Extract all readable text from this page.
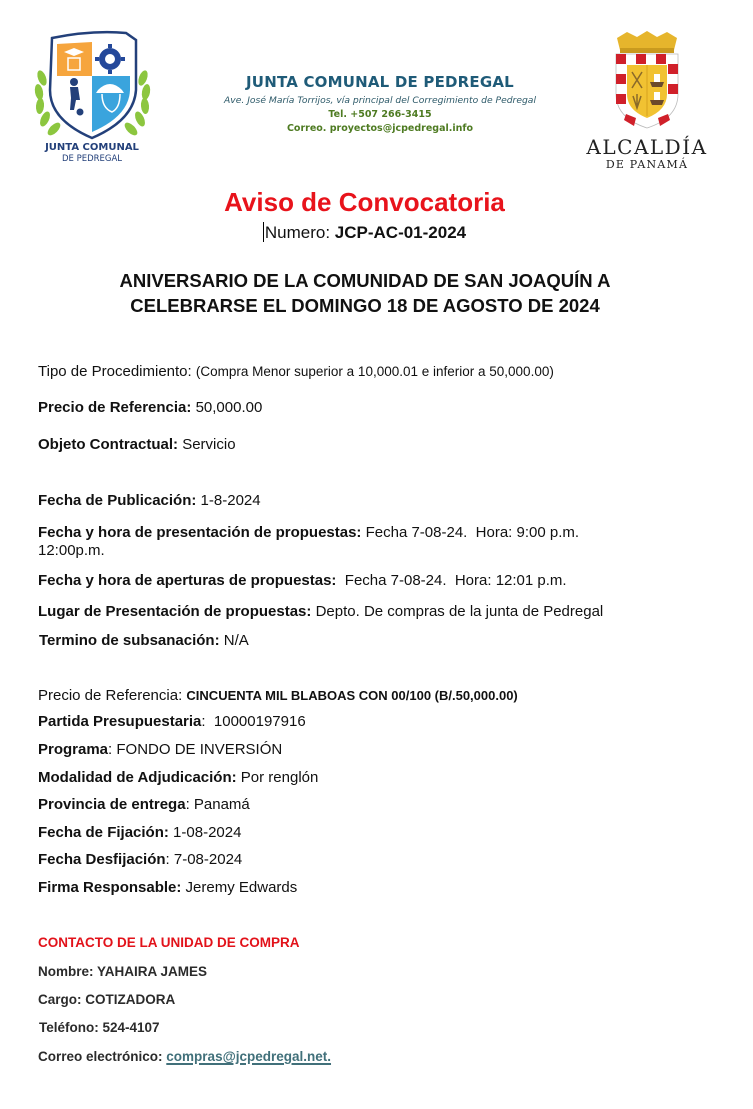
JUNTA COMUNAL
DE PEDREGAL
JUNTA COMUNAL DE PEDREGAL
Ave. José María Torrijos, vía principal del Corregimiento de Pedregal
Tel. +507 266-3415
Correo. proyectos@jcpedregal.info
ALCALDÍA
DE PANAMÁ
Aviso de Convocatoria
Numero: JCP-AC-01-2024
ANIVERSARIO DE LA COMUNIDAD DE SAN JOAQUÍN A
CELEBRARSE EL DOMINGO 18 DE AGOSTO DE 2024
Tipo de Procedimiento: (Compra Menor superior a 10,000.01 e inferior a 50,000.00)
Precio de Referencia: 50,000.00
Objeto Contractual: Servicio
Fecha de Publicación: 1-8-2024
Fecha y hora de presentación de propuestas: Fecha 7-08-24.  Hora: 9:00 p.m.
12:00p.m.
Fecha y hora de aperturas de propuestas: Fecha 7-08-24.  Hora: 12:01 p.m.
Lugar de Presentación de propuestas: Depto. De compras de la junta de Pedregal
Termino de subsanación: N/A
Precio de Referencia: CINCUENTA MIL BLABOAS CON 00/100 (B/.50,000.00)
Partida Presupuestaria:  10000197916
Programa: FONDO DE INVERSIÓN
Modalidad de Adjudicación: Por renglón
Provincia de entrega: Panamá
Fecha de Fijación: 1-08-2024
Fecha Desfijación: 7-08-2024
Firma Responsable: Jeremy Edwards
CONTACTO DE LA UNIDAD DE COMPRA
Nombre: YAHAIRA JAMES
Cargo: COTIZADORA
Teléfono: 524-4107
Correo electrónico: compras@jcpedregal.net.
